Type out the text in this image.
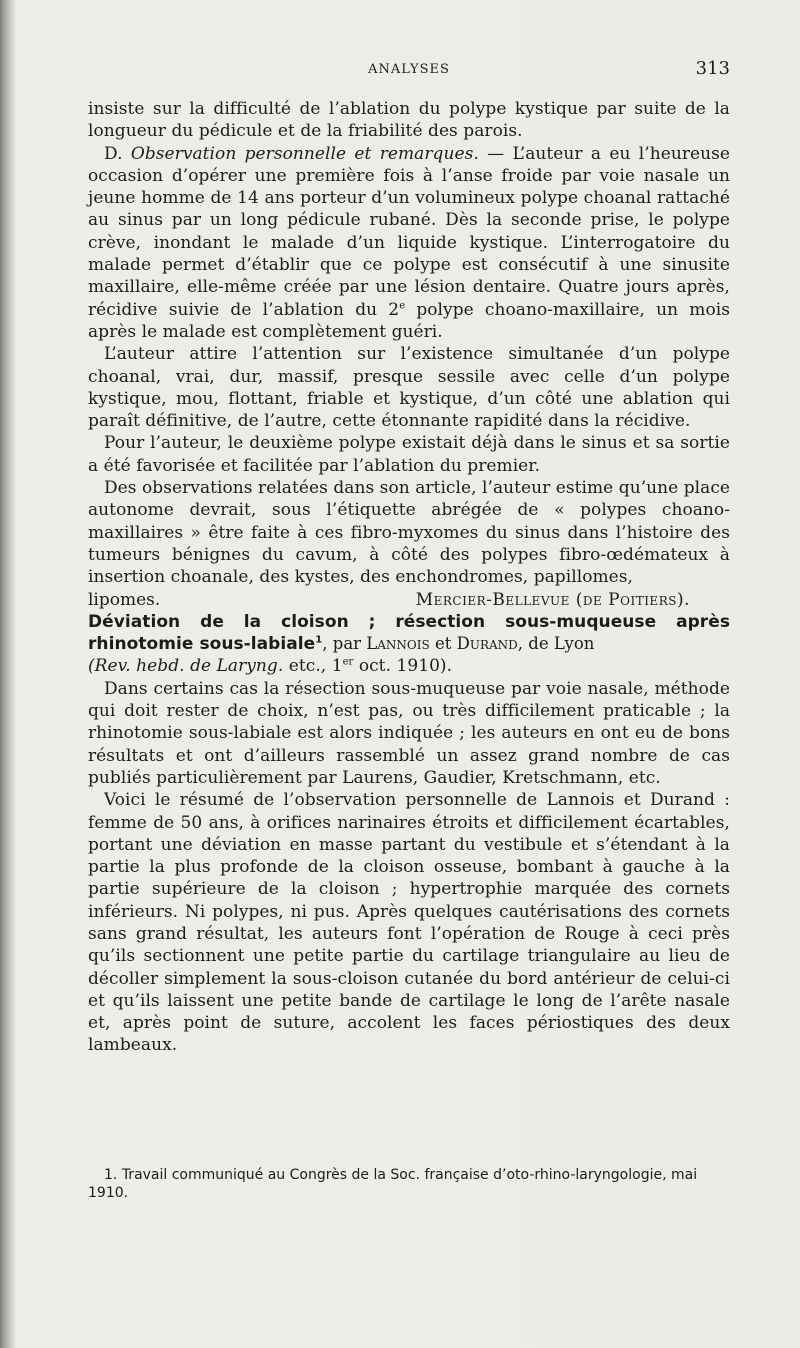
ANALYSES	313

insiste sur la difficulté de l’ablation du polype kystique par suite de la longueur du pédicule et de la friabilité des parois.

D. Observation personnelle et remarques. — L’auteur a eu l’heureuse occasion d’opérer une première fois à l’anse froide par voie nasale un jeune homme de 14 ans porteur d’un volumineux polype choanal rattaché au sinus par un long pédicule rubané. Dès la seconde prise, le polype crève, inondant le malade d’un liquide kystique. L’interrogatoire du malade permet d’établir que ce polype est consécutif à une sinusite maxillaire, elle-même créée par une lésion dentaire. Quatre jours après, récidive suivie de l’ablation du 2e polype choano-maxillaire, un mois après le malade est complètement guéri.

L’auteur attire l’attention sur l’existence simultanée d’un polype choanal, vrai, dur, massif, presque sessile avec celle d’un polype kystique, mou, flottant, friable et kystique, d’un côté une ablation qui paraît définitive, de l’autre, cette étonnante rapidité dans la récidive.

Pour l’auteur, le deuxième polype existait déjà dans le sinus et sa sortie a été favorisée et facilitée par l’ablation du premier.

Des observations relatées dans son article, l’auteur estime qu’une place autonome devrait, sous l’étiquette abrégée de « polypes choano-maxillaires » être faite à ces fibro-myxomes du sinus dans l’histoire des tumeurs bénignes du cavum, à côté des polypes fibro-œdémateux à insertion choanale, des kystes, des enchondromes, papillomes,

lipomes.	Mercier-Bellevue (de Poitiers).

Déviation de la cloison ; résection sous-muqueuse après rhinotomie sous-labiale$^1$, par Lannois et Durand, de Lyon

(Rev. hebd. de Laryng. etc., 1er oct. 1910).

Dans certains cas la résection sous-muqueuse par voie nasale, méthode qui doit rester de choix, n’est pas, ou très difficilement praticable ; la rhinotomie sous-labiale est alors indiquée ; les auteurs en ont eu de bons résultats et ont d’ailleurs rassemblé un assez grand nombre de cas publiés particulièrement par Laurens, Gaudier, Kretschmann, etc.

Voici le résumé de l’observation personnelle de Lannois et Durand : femme de 50 ans, à orifices narinaires étroits et difficilement écartables, portant une déviation en masse partant du vestibule et s’étendant à la partie la plus profonde de la cloison osseuse, bombant à gauche à la partie supérieure de la cloison ; hypertrophie marquée des cornets inférieurs. Ni polypes, ni pus. Après quelques cautérisations des cornets sans grand résultat, les auteurs font l’opération de Rouge à ceci près qu’ils sectionnent une petite partie du cartilage triangulaire au lieu de décoller simplement la sous-cloison cutanée du bord antérieur de celui-ci et qu’ils laissent une petite bande de cartilage le long de l’arête nasale et, après point de suture, accolent les faces périostiques des deux lambeaux.

1. Travail communiqué au Congrès de la Soc. française d’oto-rhino-laryngologie, mai 1910.
